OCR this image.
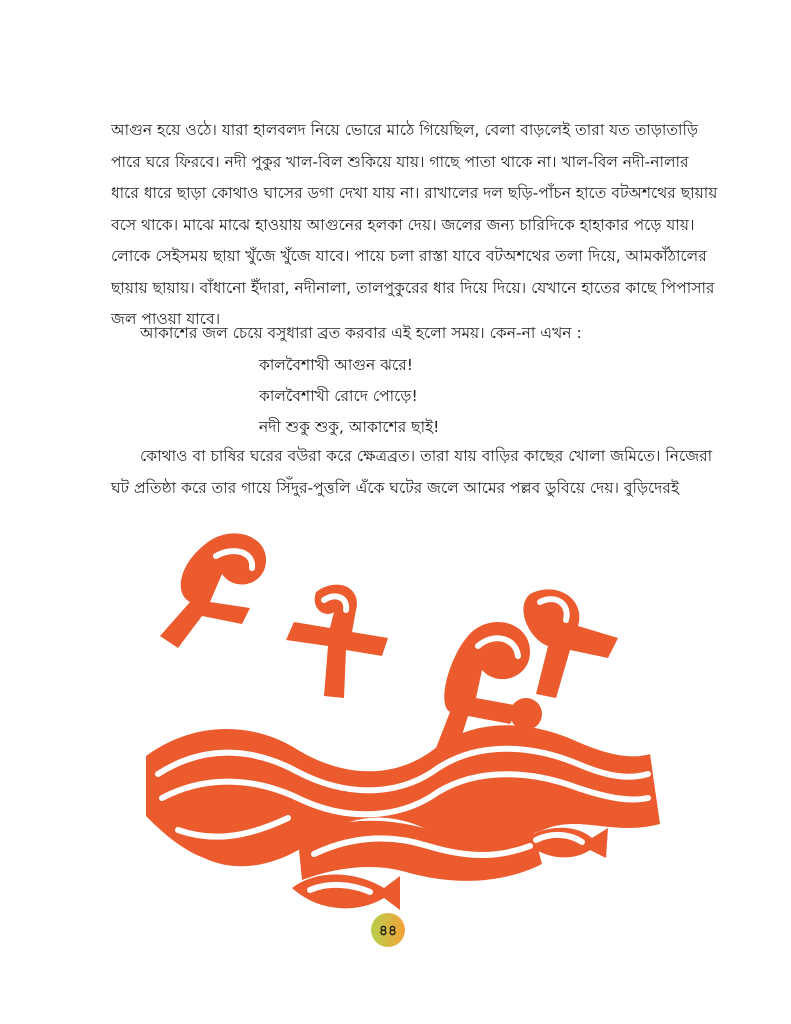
আগুন হয়ে ওঠে। যারা হালবলদ নিয়ে ভোরে মাঠে গিয়েছিল, বেলা বাড়লেই তারা যত তাড়াতাড়ি
পারে ঘরে ফিরবে। নদী পুকুর খাল-বিল শুকিয়ে যায়। গাছে পাতা থাকে না। খাল-বিল নদী-নালার
ধারে ধারে ছাড়া কোথাও ঘাসের ডগা দেখা যায় না। রাখালের দল ছড়ি-পাঁচন হাতে বটঅশথের ছায়ায়
বসে থাকে। মাঝে মাঝে হাওয়ায় আগুনের হলকা দেয়। জলের জন্য চারিদিকে হাহাকার পড়ে যায়।
লোকে সেইসময় ছায়া খুঁজে খুঁজে যাবে। পায়ে চলা রাস্তা যাবে বটঅশথের তলা দিয়ে, আমকাঁঠালের
ছায়ায় ছায়ায়। বাঁধানো ইঁদারা, নদীনালা, তালপুকুরের ধার দিয়ে দিয়ে। যেখানে হাতের কাছে পিপাসার
জল পাওয়া যাবে।

আকাশের জল চেয়ে বসুধারা ব্রত করবার এই হলো সময়। কেন-না এখন :

কালবৈশাখী আগুন ঝরে!
কালবৈশাখী রোদে পোড়ে!
নদী শুকু শুকু, আকাশের ছাই!
কোথাও বা চাষির ঘরের বউরা করে ক্ষেত্রব্রত। তারা যায় বাড়ির কাছের খোলা জমিতে। নিজেরা
ঘট প্রতিষ্ঠা করে তার গায়ে সিঁদুর-পুত্তলি এঁকে ঘটের জলে আমের পল্লব ডুবিয়ে দেয়। বুড়িদেরই
৪৪
